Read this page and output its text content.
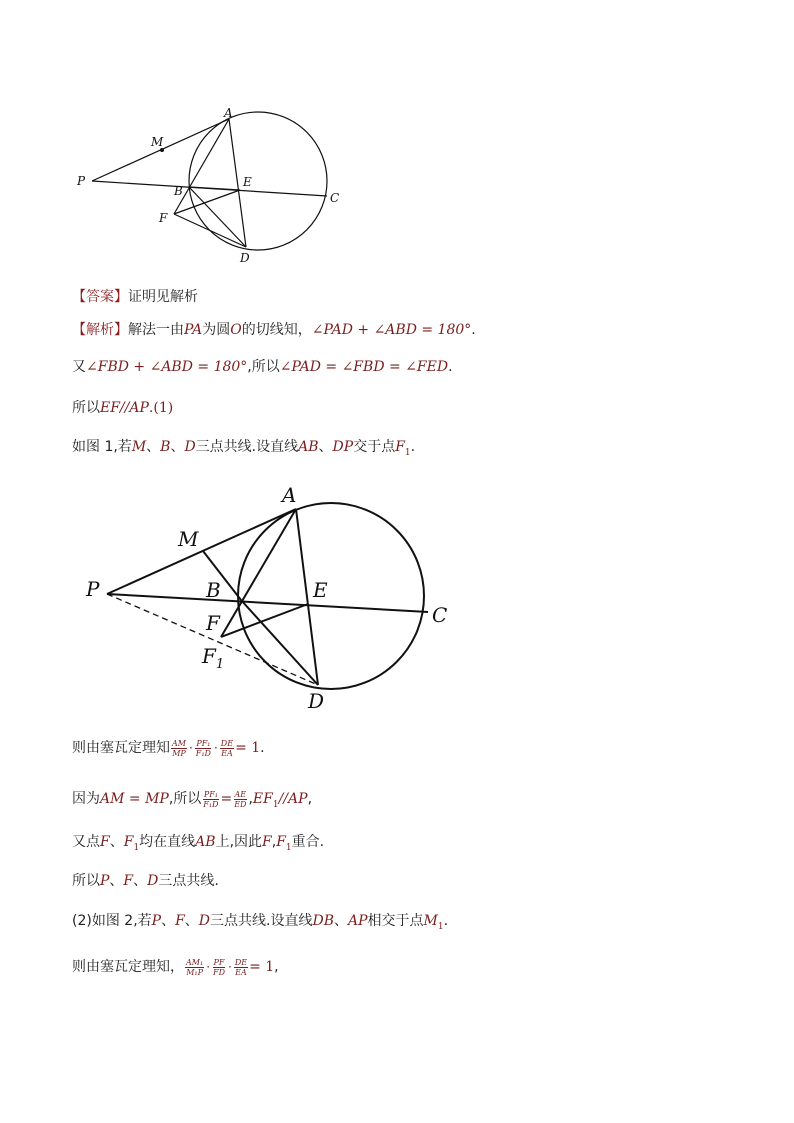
A
M
P
B
E
C
F
D
【答案】证明见解析
【解析】解法一由PA为圆O的切线知，∠PAD + ∠ABD = 180°.
又∠FBD + ∠ABD = 180°,所以∠PAD = ∠FBD = ∠FED.
所以EF//AP.(1)
如图 1,若M、B、D三点共线.设直线AB、DP交于点$F_1$.
A
M
P	B	E
C
F
$F_1$
D
则由塞瓦定理知 $\frac{AM}{MP} \cdot \frac{\text{PF₁}}{\text{F₁D}} \cdot \frac{DE}{EA} = 1$.
因为AM = MP,所以 $\frac{\text{PF₁}}{\text{F₁D}} = \frac{AE}{ED} ,EF_1//AP$,
又点F、$F_1$均在直线AB上,因此$F,F_1$重合.
所以P、F、D三点共线.
(2)如图 2,若P、F、D三点共线.设直线DB、AP相交于点$M_1$.
则由塞瓦定理知， $\frac{\text{AM₁}}{\text{M₁P}} \cdot \frac{PF}{FD} \cdot \frac{DE}{EA} = 1$,
